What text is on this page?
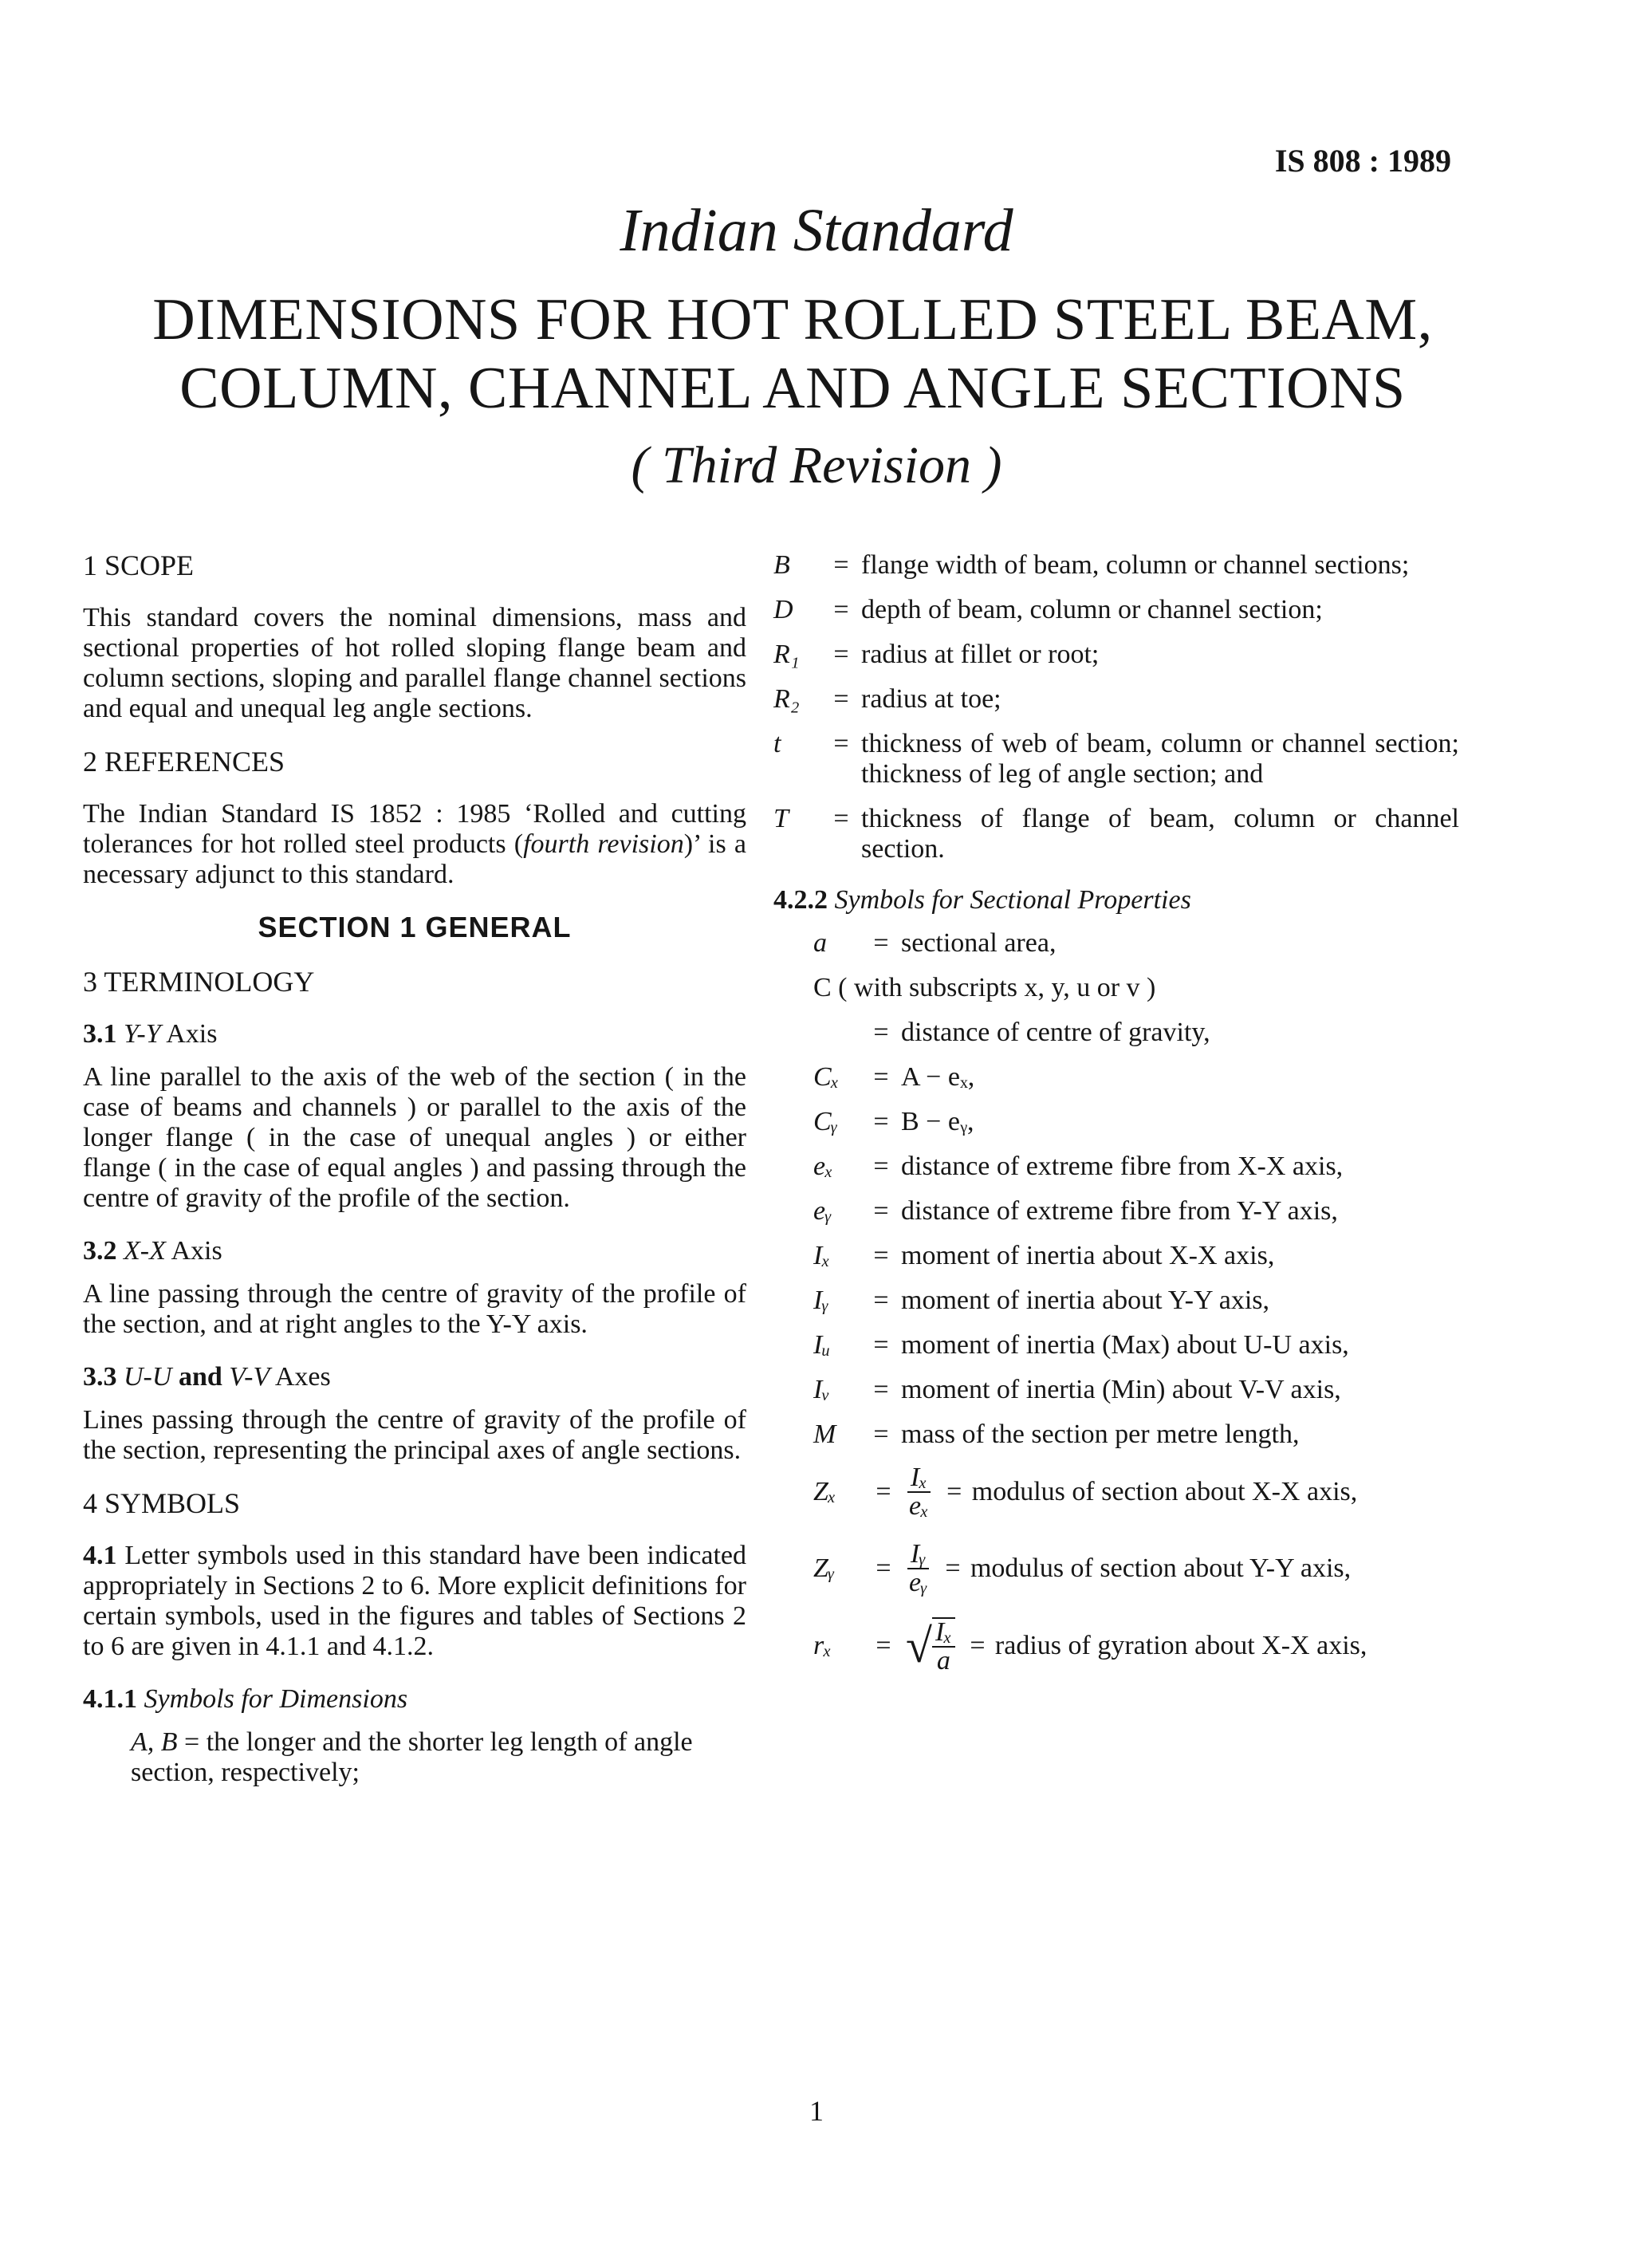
IS 808 : 1989
Indian Standard
DIMENSIONS FOR HOT ROLLED STEEL BEAM,
COLUMN, CHANNEL AND ANGLE SECTIONS
( Third Revision )
1 SCOPE
This standard covers the nominal dimensions, mass and sectional properties of hot rolled sloping flange beam and column sections, sloping and parallel flange channel sections and equal and unequal leg angle sections.
2 REFERENCES
The Indian Standard IS 1852 : 1985 ‘Rolled and cutting tolerances for hot rolled steel products (fourth revision)’ is a necessary adjunct to this standard.
SECTION 1 GENERAL
3 TERMINOLOGY
3.1 Y-Y Axis
A line parallel to the axis of the web of the section ( in the case of beams and channels ) or parallel to the axis of the longer flange ( in the case of unequal angles ) or either flange ( in the case of equal angles ) and passing through the centre of gravity of the profile of the section.
3.2 X-X Axis
A line passing through the centre of gravity of the profile of the section, and at right angles to the Y-Y axis.
3.3 U-U and V-V Axes
Lines passing through the centre of gravity of the profile of the section, representing the principal axes of angle sections.
4 SYMBOLS
4.1 Letter symbols used in this standard have been indicated appropriately in Sections 2 to 6. More explicit definitions for certain symbols, used in the figures and tables of Sections 2 to 6 are given in 4.1.1 and 4.1.2.
4.1.1 Symbols for Dimensions
A, B = the longer and the shorter leg length of angle section, respectively;
B	= flange width of beam, column or channel sections;
D	= depth of beam, column or channel section;
R₁	= radius at fillet or root;
R₂	= radius at toe;
t	= thickness of web of beam, column or channel section; thickness of leg of angle section; and
T	= thickness of flange of beam, column or channel section.
4.2.2 Symbols for Sectional Properties
a	= sectional area,
C ( with subscripts x, y, u or v )
= distance of centre of gravity,
Cₓ	= A − eₓ,
Cᵧ	= B − eᵧ,
eₓ	= distance of extreme fibre from X-X axis,
eᵧ	= distance of extreme fibre from Y-Y axis,
Iₓ	= moment of inertia about X-X axis,
Iᵧ	= moment of inertia about Y-Y axis,
Iᵤ	= moment of inertia (Max) about U-U axis,
Iᵥ	= moment of inertia (Min) about V-V axis,
M	= mass of the section per metre length,
Zₓ	= $\frac{\text{Iₓ}}{\text{eₓ}}$ = modulus of section about X-X axis,
Zᵧ	= $\frac{\text{Iᵧ}}{\text{eᵧ}}$ = modulus of section about Y-Y axis,
rₓ	= √ $\frac{\text{Iₓ}}{a}$ = radius of gyration about X-X axis,
1
